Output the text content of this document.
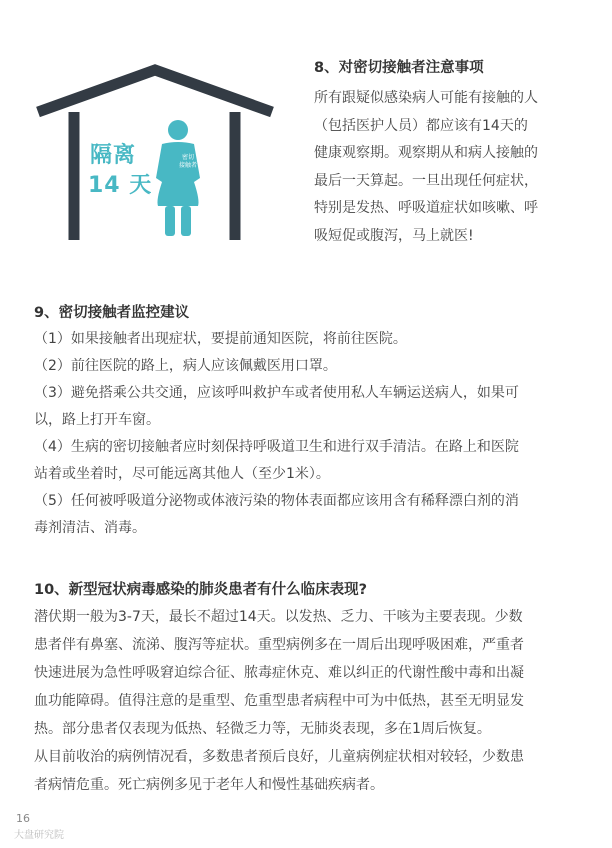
隔离
14 天
密切
接触者
8、对密切接触者注意事项
所有跟疑似感染病人可能有接触的人
（包括医护人员）都应该有14天的
健康观察期。观察期从和病人接触的
最后一天算起。一旦出现任何症状，
特别是发热、呼吸道症状如咳嗽、呼
吸短促或腹泻，马上就医!
9、密切接触者监控建议
（1）如果接触者出现症状，要提前通知医院，将前往医院。
（2）前往医院的路上，病人应该佩戴医用口罩。
（3）避免搭乘公共交通，应该呼叫救护车或者使用私人车辆运送病人，如果可
以，路上打开车窗。
（4）生病的密切接触者应时刻保持呼吸道卫生和进行双手清洁。在路上和医院
站着或坐着时，尽可能远离其他人（至少1米）。
（5）任何被呼吸道分泌物或体液污染的物体表面都应该用含有稀释漂白剂的消
毒剂清洁、消毒。
10、新型冠状病毒感染的肺炎患者有什么临床表现?
潜伏期一般为3-7天，最长不超过14天。以发热、乏力、干咳为主要表现。少数
患者伴有鼻塞、流涕、腹泻等症状。重型病例多在一周后出现呼吸困难，严重者
快速进展为急性呼吸窘迫综合征、脓毒症休克、难以纠正的代谢性酸中毒和出凝
血功能障碍。值得注意的是重型、危重型患者病程中可为中低热，甚至无明显发
热。部分患者仅表现为低热、轻微乏力等，无肺炎表现，多在1周后恢复。
从目前收治的病例情况看，多数患者预后良好，儿童病例症状相对较轻，少数患
者病情危重。死亡病例多见于老年人和慢性基础疾病者。
16
大盘研究院
